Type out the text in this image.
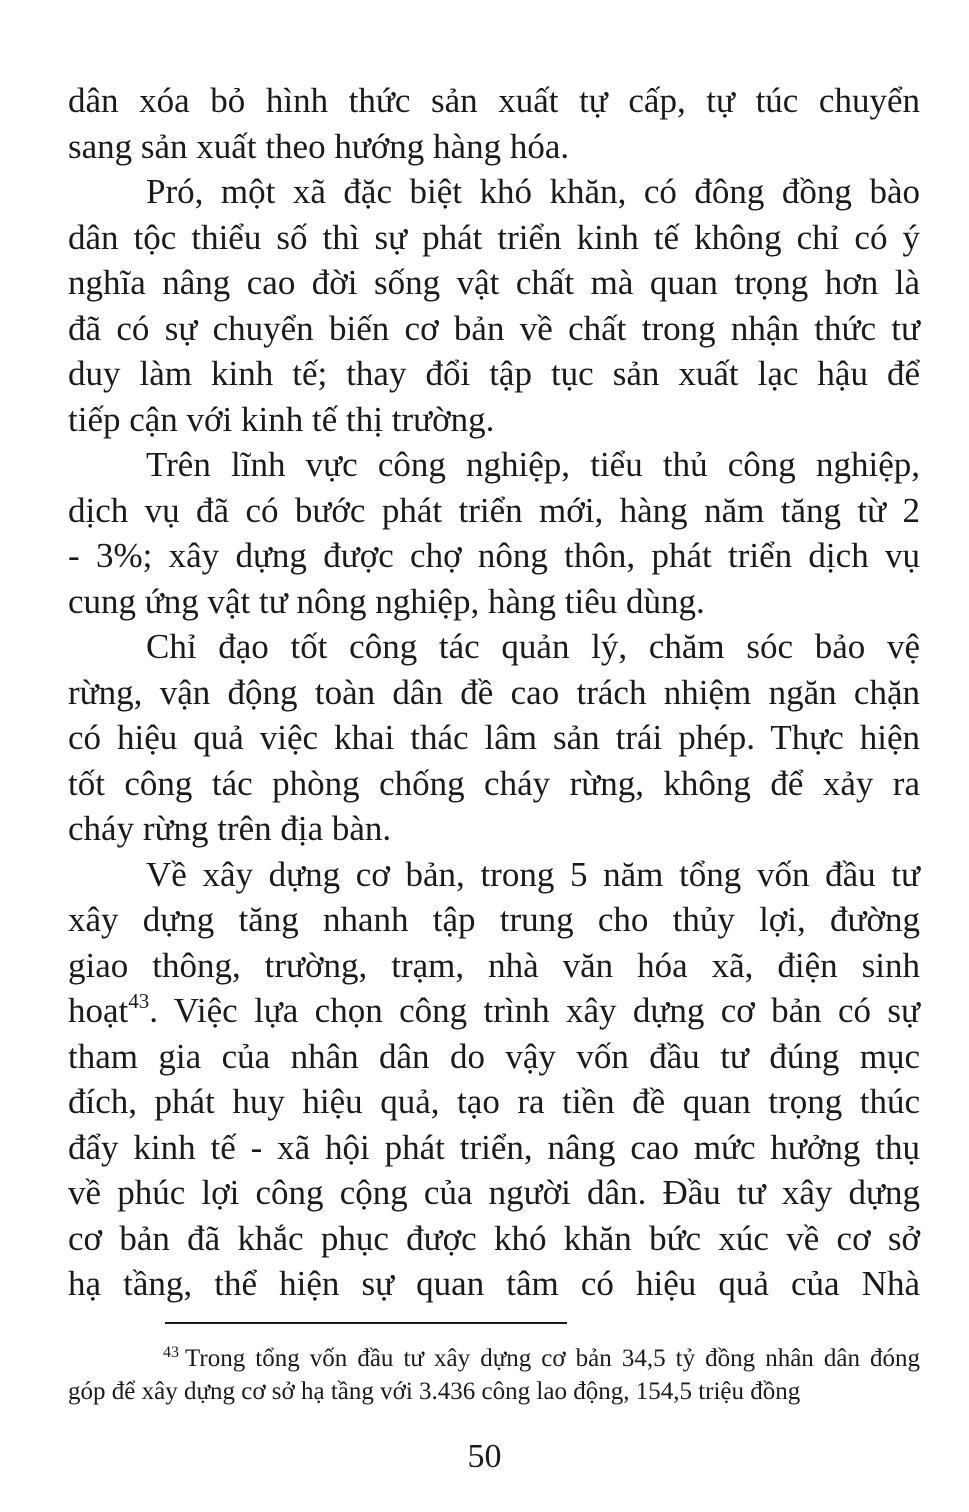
dân xóa bỏ hình thức sản xuất tự cấp, tự túc chuyển
sang sản xuất theo hướng hàng hóa.
Pró, một xã đặc biệt khó khăn, có đông đồng bào
dân tộc thiểu số thì sự phát triển kinh tế không chỉ có ý
nghĩa nâng cao đời sống vật chất mà quan trọng hơn là
đã có sự chuyển biến cơ bản về chất trong nhận thức tư
duy làm kinh tế; thay đổi tập tục sản xuất lạc hậu để
tiếp cận với kinh tế thị trường.
Trên lĩnh vực công nghiệp, tiểu thủ công nghiệp,
dịch vụ đã có bước phát triển mới, hàng năm tăng từ 2
- 3%; xây dựng được chợ nông thôn, phát triển dịch vụ
cung ứng vật tư nông nghiệp, hàng tiêu dùng.
Chỉ đạo tốt công tác quản lý, chăm sóc bảo vệ
rừng, vận động toàn dân đề cao trách nhiệm ngăn chặn
có hiệu quả việc khai thác lâm sản trái phép. Thực hiện
tốt công tác phòng chống cháy rừng, không để xảy ra
cháy rừng trên địa bàn.
Về xây dựng cơ bản, trong 5 năm tổng vốn đầu tư
xây dựng tăng nhanh tập trung cho thủy lợi, đường
giao thông, trường, trạm, nhà văn hóa xã, điện sinh
hoạt$^{43}$. Việc lựa chọn công trình xây dựng cơ bản có sự
tham gia của nhân dân do vậy vốn đầu tư đúng mục
đích, phát huy hiệu quả, tạo ra tiền đề quan trọng thúc
đẩy kinh tế - xã hội phát triển, nâng cao mức hưởng thụ
về phúc lợi công cộng của người dân. Đầu tư xây dựng
cơ bản đã khắc phục được khó khăn bức xúc về cơ sở
hạ tầng, thể hiện sự quan tâm có hiệu quả của Nhà
$^{43}$ Trong tổng vốn đầu tư xây dựng cơ bản 34,5 tỷ đồng nhân dân đóng
góp để xây dựng cơ sở hạ tầng với 3.436 công lao động, 154,5 triệu đồng
50
